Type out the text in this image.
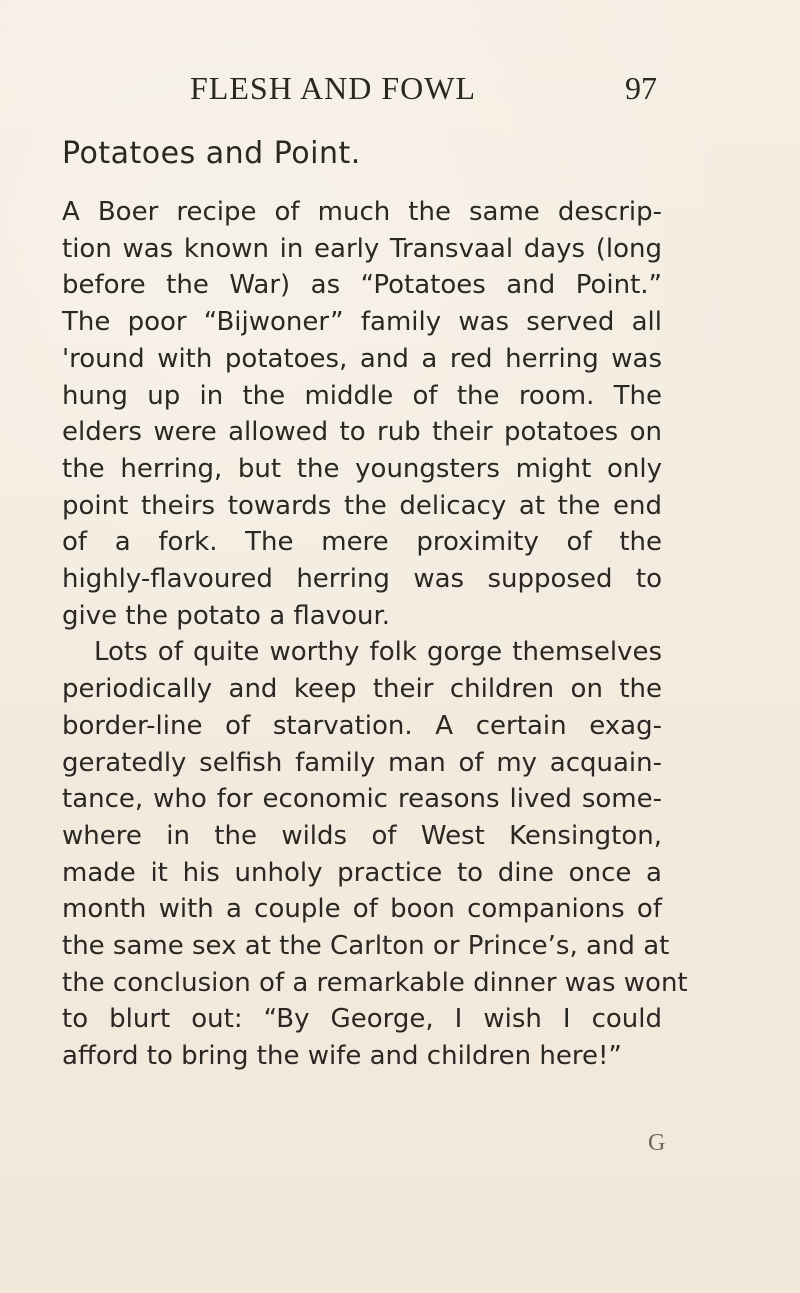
FLESH AND FOWL	97
Potatoes and Point.
A Boer recipe of much the same descrip-
tion was known in early Transvaal days (long
before the War) as “Potatoes and Point.”
The poor “Bijwoner” family was served all
'round with potatoes, and a red herring was
hung up in the middle of the room. The
elders were allowed to rub their potatoes on
the herring, but the youngsters might only
point theirs towards the delicacy at the end
of a fork. The mere proximity of the
highly-flavoured herring was supposed to
give the potato a flavour.
Lots of quite worthy folk gorge themselves
periodically and keep their children on the
border-line of starvation. A certain exag-
geratedly selfish family man of my acquain-
tance, who for economic reasons lived some-
where in the wilds of West Kensington,
made it his unholy practice to dine once a
month with a couple of boon companions of
the same sex at the Carlton or Prince’s, and at
the conclusion of a remarkable dinner was wont
to blurt out: “By George, I wish I could
afford to bring the wife and children here!”
G
